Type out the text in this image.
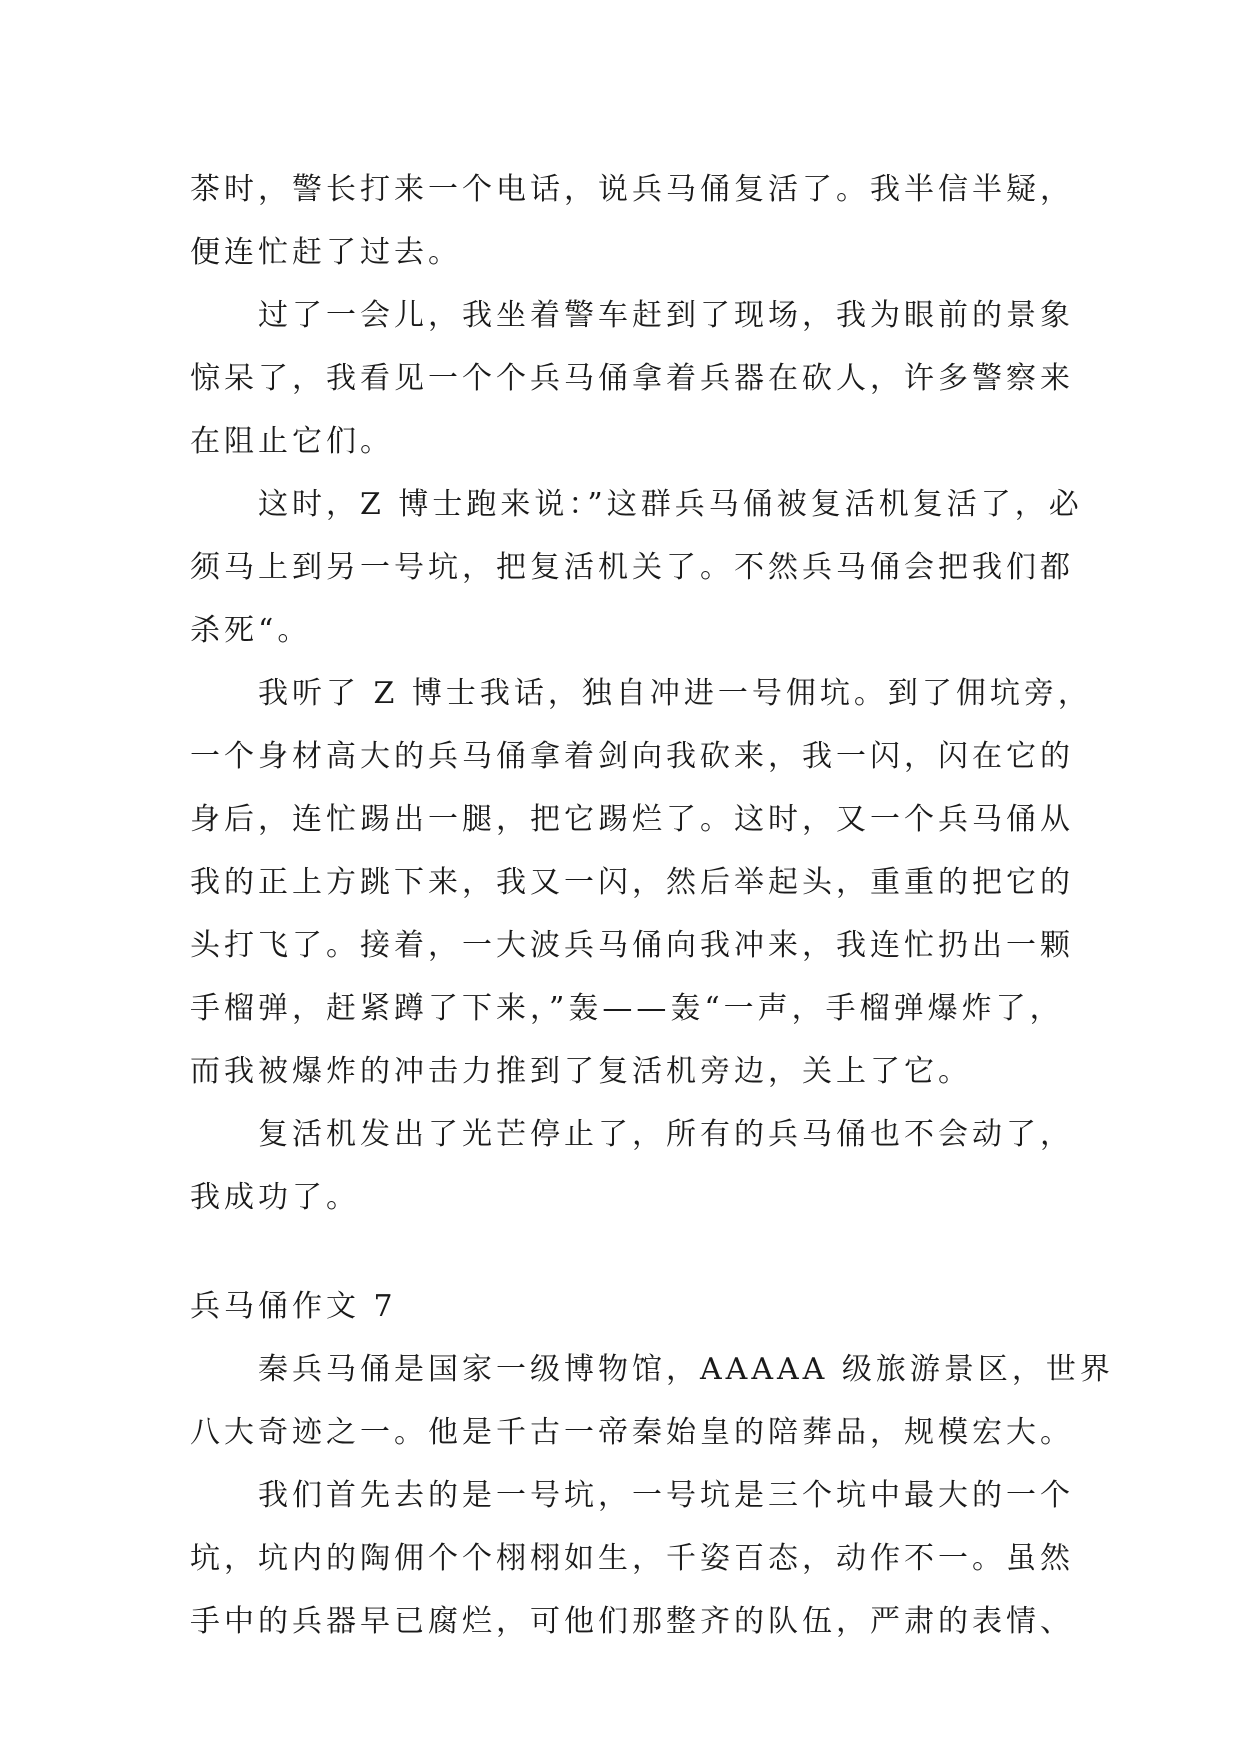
茶时，警长打来一个电话，说兵马俑复活了。我半信半疑，
便连忙赶了过去。
过了一会儿，我坐着警车赶到了现场，我为眼前的景象
惊呆了，我看见一个个兵马俑拿着兵器在砍人，许多警察来
在阻止它们。
这时，Z 博士跑来说：”这群兵马俑被复活机复活了，必
须马上到另一号坑，把复活机关了。不然兵马俑会把我们都
杀死“。
我听了 Z 博士我话，独自冲进一号佣坑。到了佣坑旁，
一个身材高大的兵马俑拿着剑向我砍来，我一闪，闪在它的
身后，连忙踢出一腿，把它踢烂了。这时，又一个兵马俑从
我的正上方跳下来，我又一闪，然后举起头，重重的把它的
头打飞了。接着，一大波兵马俑向我冲来，我连忙扔出一颗
手榴弹，赶紧蹲了下来，”轰——轰“一声，手榴弹爆炸了，
而我被爆炸的冲击力推到了复活机旁边，关上了它。
复活机发出了光芒停止了，所有的兵马俑也不会动了，
我成功了。
兵马俑作文 7
秦兵马俑是国家一级博物馆，AAAAA 级旅游景区，世界
八大奇迹之一。他是千古一帝秦始皇的陪葬品，规模宏大。
我们首先去的是一号坑，一号坑是三个坑中最大的一个
坑，坑内的陶佣个个栩栩如生，千姿百态，动作不一。虽然
手中的兵器早已腐烂，可他们那整齐的队伍，严肃的表情、
